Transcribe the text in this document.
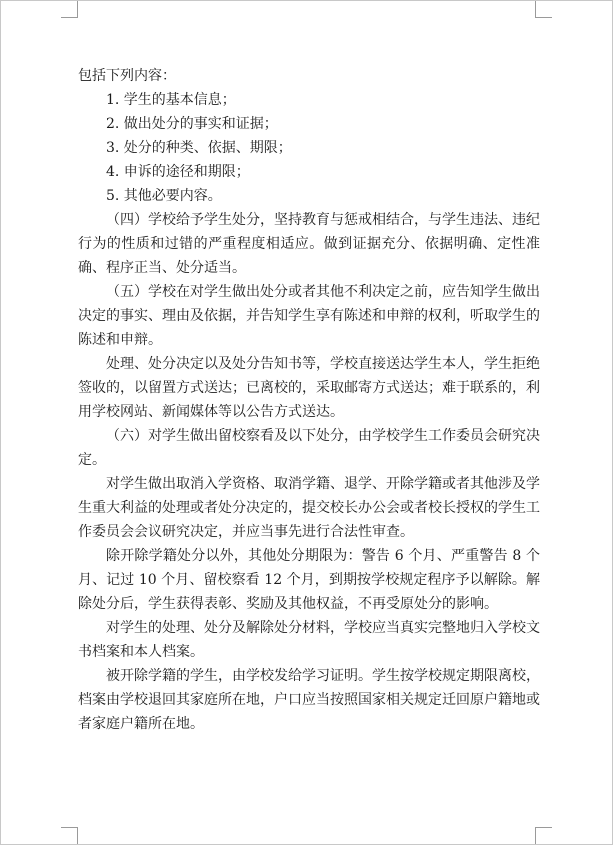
包括下列内容：

1. 学生的基本信息；

2. 做出处分的事实和证据；

3. 处分的种类、依据、期限；

4. 申诉的途径和期限；

5. 其他必要内容。

（四）学校给予学生处分，坚持教育与惩戒相结合，与学生违法、违纪行为的性质和过错的严重程度相适应。做到证据充分、依据明确、定性准确、程序正当、处分适当。

（五）学校在对学生做出处分或者其他不利决定之前，应告知学生做出决定的事实、理由及依据，并告知学生享有陈述和申辩的权利，听取学生的陈述和申辩。

处理、处分决定以及处分告知书等，学校直接送达学生本人，学生拒绝签收的，以留置方式送达；已离校的，采取邮寄方式送达；难于联系的，利用学校网站、新闻媒体等以公告方式送达。

（六）对学生做出留校察看及以下处分，由学校学生工作委员会研究决定。

对学生做出取消入学资格、取消学籍、退学、开除学籍或者其他涉及学生重大利益的处理或者处分决定的，提交校长办公会或者校长授权的学生工作委员会会议研究决定，并应当事先进行合法性审查。

除开除学籍处分以外，其他处分期限为：警告 6 个月、严重警告 8 个月、记过 10 个月、留校察看 12 个月，到期按学校规定程序予以解除。解除处分后，学生获得表彰、奖励及其他权益，不再受原处分的影响。

对学生的处理、处分及解除处分材料，学校应当真实完整地归入学校文书档案和本人档案。

被开除学籍的学生，由学校发给学习证明。学生按学校规定期限离校，档案由学校退回其家庭所在地，户口应当按照国家相关规定迁回原户籍地或者家庭户籍所在地。
